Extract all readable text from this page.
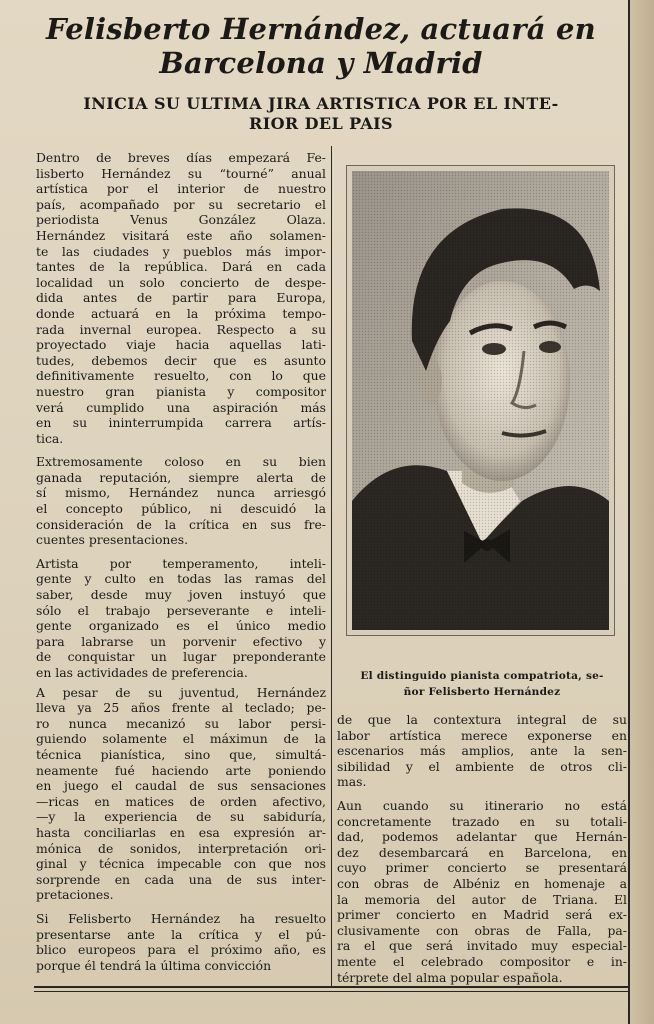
Felisberto Hernández, actuará en
Barcelona y Madrid
INICIA SU ULTIMA JIRA ARTISTICA POR EL INTE-
RIOR DEL PAIS
Dentro de breves días empezará Fe-
lisberto Hernández su “tourné” anual
artística por el interior de nuestro
país, acompañado por su secretario el
periodista Venus González Olaza.
Hernández visitará este año solamen-
te las ciudades y pueblos más impor-
tantes de la república. Dará en cada
localidad un solo concierto de despe-
dida antes de partir para Europa,
donde actuará en la próxima tempo-
rada invernal europea. Respecto a su
proyectado viaje hacia aquellas lati-
tudes, debemos decir que es asunto
definitivamente resuelto, con lo que
nuestro gran pianista y compositor
verá cumplido una aspiración más
en su ininterrumpida carrera artís-
tica.
Extremosamente coloso en su bien
ganada reputación, siempre alerta de
sí mismo, Hernández nunca arriesgó
el concepto público, ni descuidó la
consideración de la crítica en sus fre-
cuentes presentaciones.
Artista por temperamento, inteli-
gente y culto en todas las ramas del
saber, desde muy joven instuyó que
sólo el trabajo perseverante e inteli-
gente organizado es el único medio
para labrarse un porvenir efectivo y
de conquistar un lugar preponderante
en las actividades de preferencia.
A pesar de su juventud, Hernández
lleva ya 25 años frente al teclado; pe-
ro nunca mecanizó su labor persi-
guiendo solamente el máximun de la
técnica pianística, sino que, simultá-
neamente fué haciendo arte poniendo
en juego el caudal de sus sensaciones
—ricas en matices de orden afectivo,
—y la experiencia de su sabiduría,
hasta conciliarlas en esa expresión ar-
mónica de sonidos, interpretación ori-
ginal y técnica impecable con que nos
sorprende en cada una de sus inter-
pretaciones.
Si Felisberto Hernández ha resuelto
presentarse ante la crítica y el pú-
blico europeos para el próximo año, es
porque él tendrá la última convicción
El distinguido pianista compatriota, se-
ñor Felisberto Hernández
de que la contextura integral de su
labor artística merece exponerse en
escenarios más amplios, ante la sen-
sibilidad y el ambiente de otros cli-
mas.
Aun cuando su itinerario no está
concretamente trazado en su totali-
dad, podemos adelantar que Hernán-
dez desembarcará en Barcelona, en
cuyo primer concierto se presentará
con obras de Albéniz en homenaje a
la memoria del autor de Triana. El
primer concierto en Madrid será ex-
clusivamente con obras de Falla, pa-
ra el que será invitado muy especial-
mente el celebrado compositor e in-
térprete del alma popular española.
